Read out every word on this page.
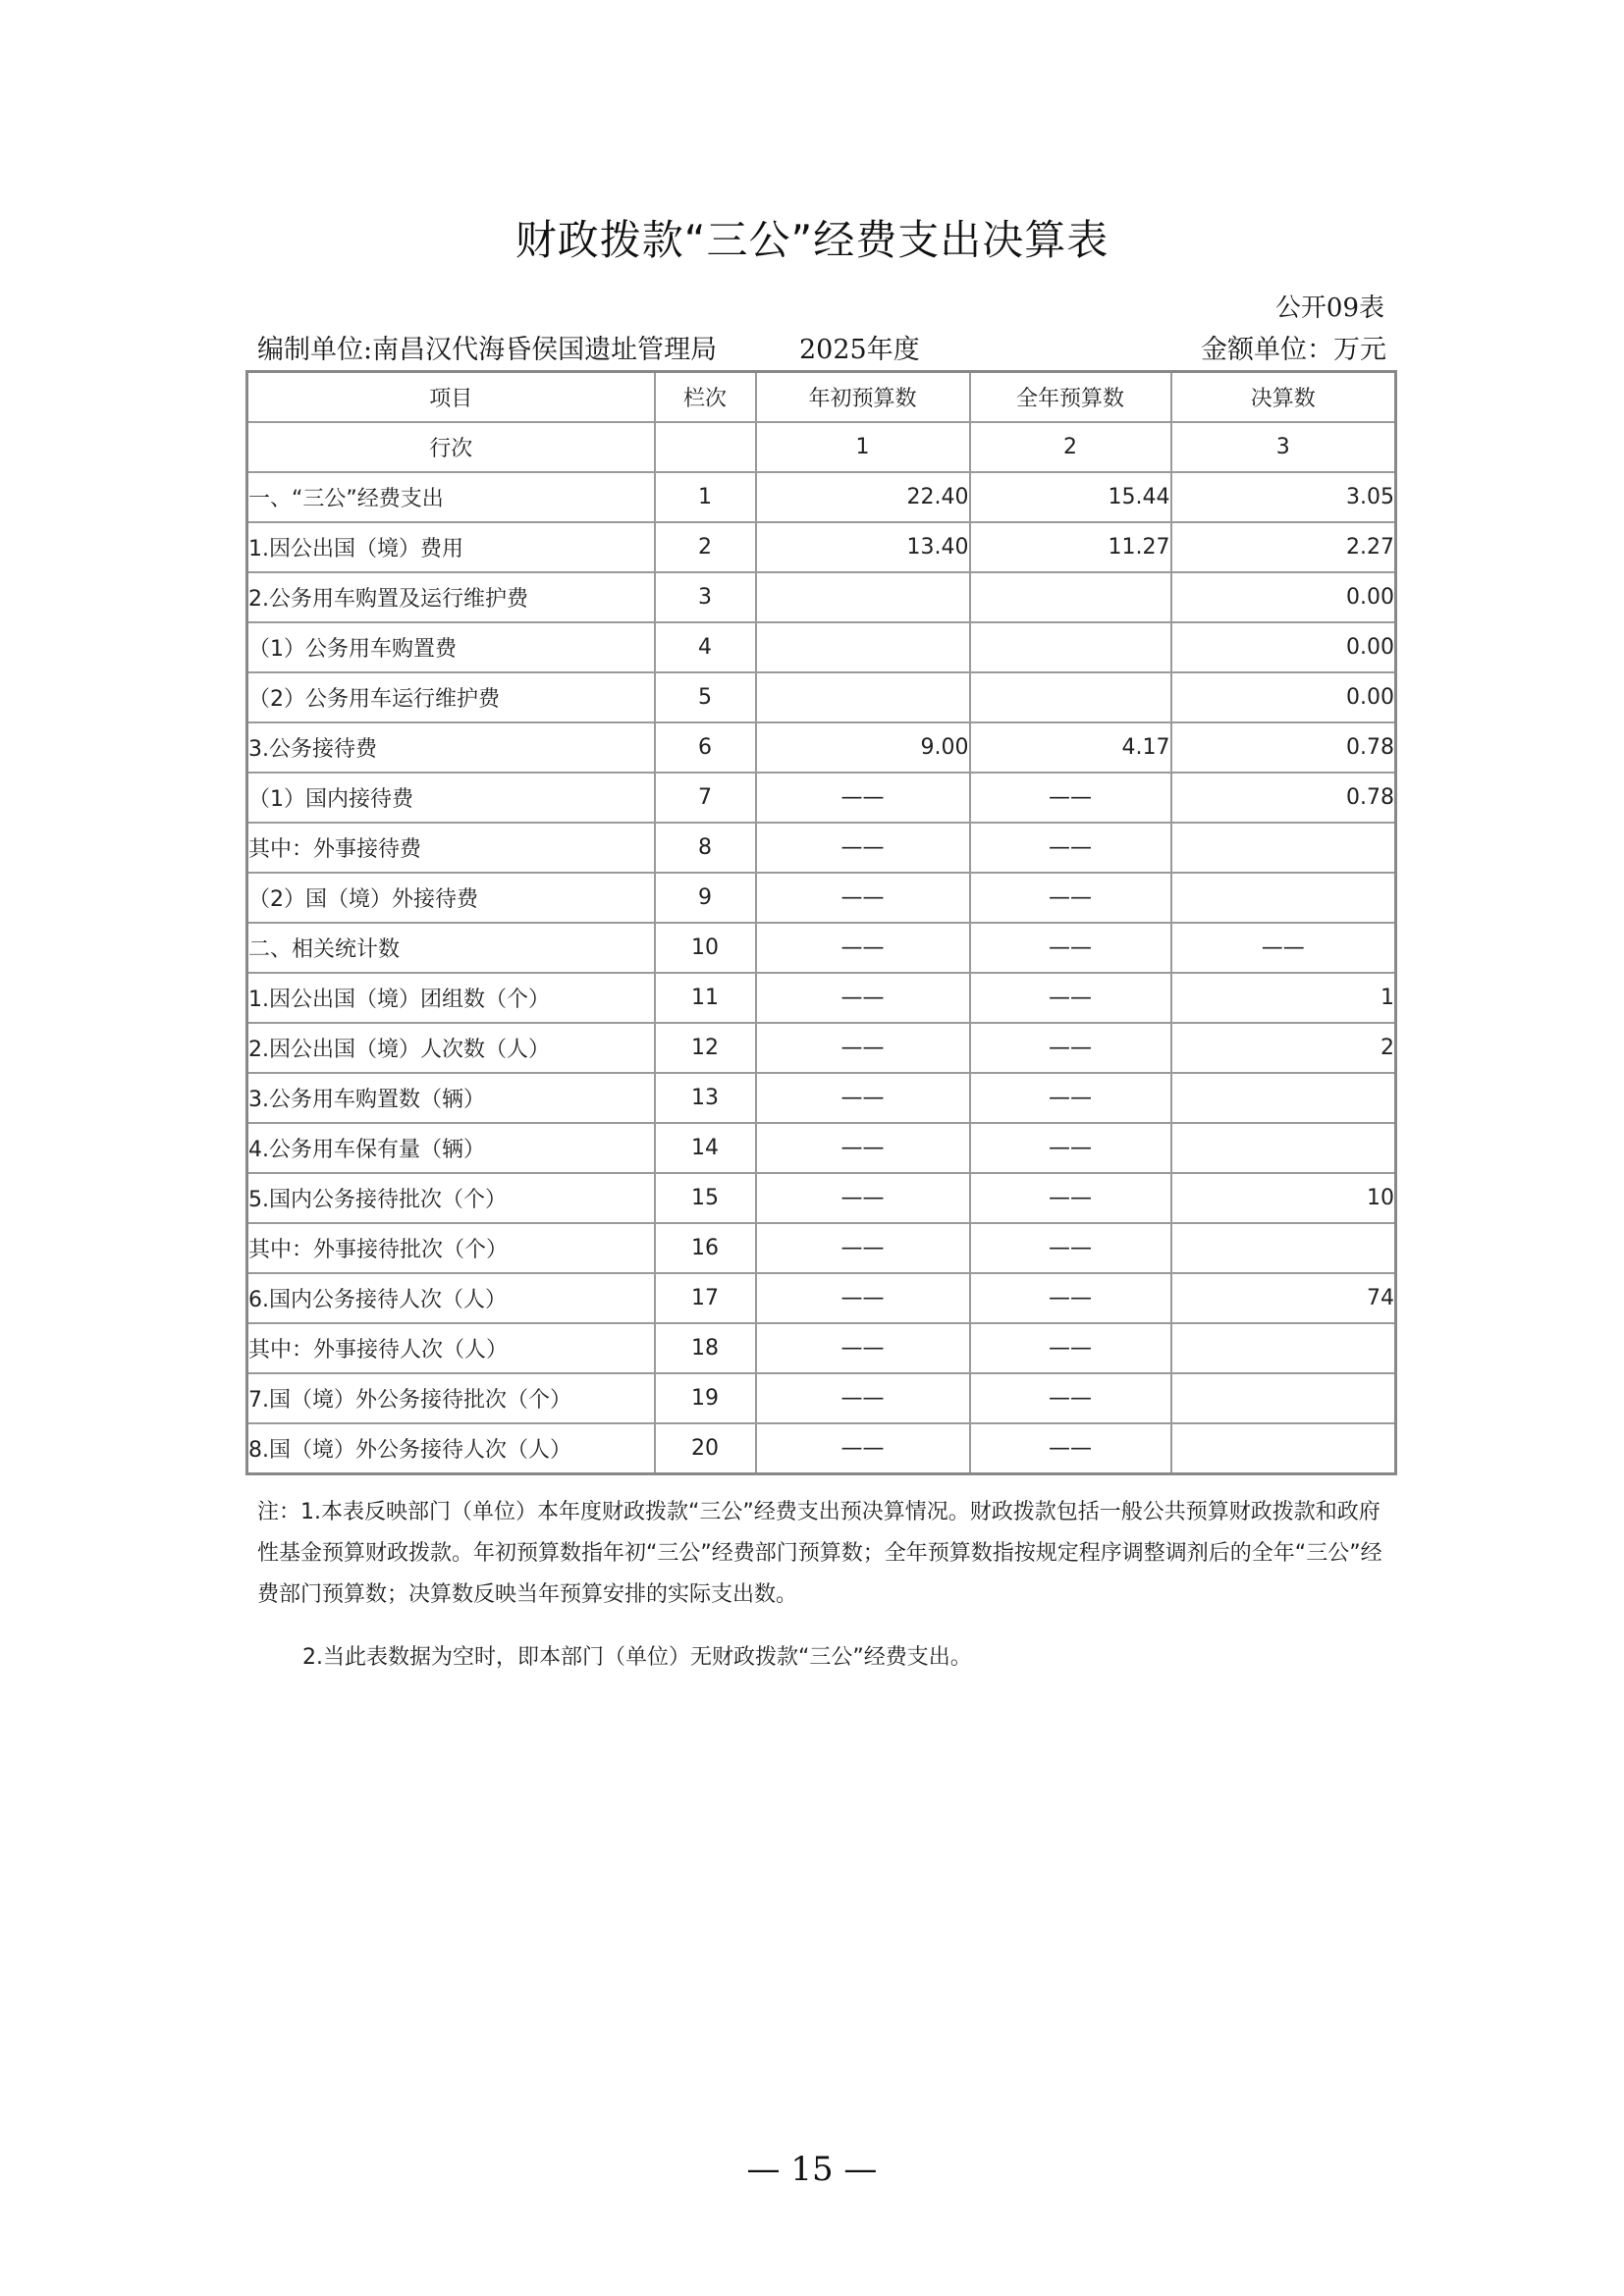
财政拨款“三公”经费支出决算表
公开09表
编制单位:南昌汉代海昏侯国遗址管理局	2025年度	金额单位：万元
项目	栏次	年初预算数	全年预算数	决算数
行次		1	2	3
一、“三公”经费支出	1	22.40	15.44	3.05
1.因公出国（境）费用	2	13.40	11.27	2.27
2.公务用车购置及运行维护费	3			0.00
（1）公务用车购置费	4			0.00
（2）公务用车运行维护费	5			0.00
3.公务接待费	6	9.00	4.17	0.78
（1）国内接待费	7	——	——	0.78
其中：外事接待费	8	——	——	
（2）国（境）外接待费	9	——	——	
二、相关统计数	10	——	——	——
1.因公出国（境）团组数（个）	11	——	——	1
2.因公出国（境）人次数（人）	12	——	——	2
3.公务用车购置数（辆）	13	——	——	
4.公务用车保有量（辆）	14	——	——	
5.国内公务接待批次（个）	15	——	——	10
其中：外事接待批次（个）	16	——	——	
6.国内公务接待人次（人）	17	——	——	74
其中：外事接待人次（人）	18	——	——	
7.国（境）外公务接待批次（个）	19	——	——	
8.国（境）外公务接待人次（人）	20	——	——	

注：1.本表反映部门（单位）本年度财政拨款“三公”经费支出预决算情况。财政拨款包括一般公共预算财政拨款和政府性基金预算财政拨款。年初预算数指年初“三公”经费部门预算数；全年预算数指按规定程序调整调剂后的全年“三公”经费部门预算数；决算数反映当年预算安排的实际支出数。

2.当此表数据为空时，即本部门（单位）无财政拨款“三公”经费支出。

— 15 —
